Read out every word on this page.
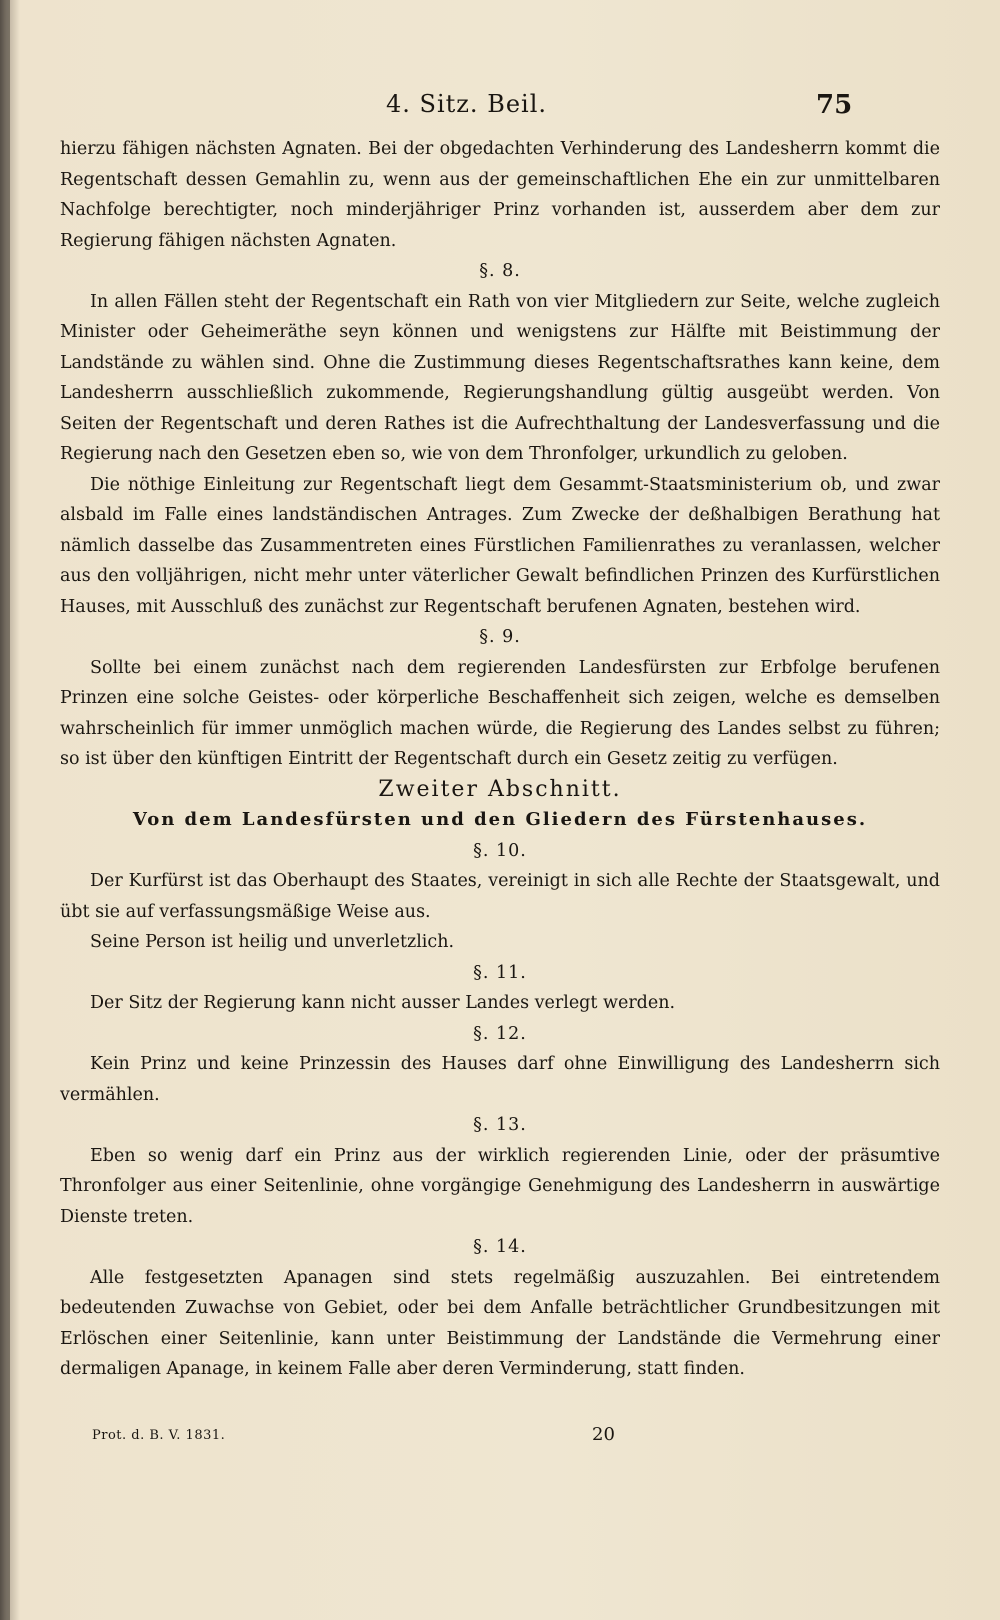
4. Sitz. Beil.	75

hierzu fähigen nächsten Agnaten. Bei der obgedachten Verhinderung des Landesherrn kommt die Regentschaft dessen Gemahlin zu, wenn aus der gemeinschaftlichen Ehe ein zur unmittelbaren Nachfolge berechtigter, noch minderjähriger Prinz vorhanden ist, ausserdem aber dem zur Regierung fähigen nächsten Agnaten.

§. 8.

In allen Fällen steht der Regentschaft ein Rath von vier Mitgliedern zur Seite, welche zugleich Minister oder Geheimeräthe seyn können und wenigstens zur Hälfte mit Beistimmung der Landstände zu wählen sind. Ohne die Zustimmung dieses Regentschaftsrathes kann keine, dem Landesherrn ausschließlich zukommende, Regierungshandlung gültig ausgeübt werden. Von Seiten der Regentschaft und deren Rathes ist die Aufrechthaltung der Landesverfassung und die Regierung nach den Gesetzen eben so, wie von dem Thronfolger, urkundlich zu geloben.

Die nöthige Einleitung zur Regentschaft liegt dem Gesammt-Staatsministerium ob, und zwar alsbald im Falle eines landständischen Antrages. Zum Zwecke der deßhalbigen Berathung hat nämlich dasselbe das Zusammentreten eines Fürstlichen Familienrathes zu veranlassen, welcher aus den volljährigen, nicht mehr unter väterlicher Gewalt befindlichen Prinzen des Kurfürstlichen Hauses, mit Ausschluß des zunächst zur Regentschaft berufenen Agnaten, bestehen wird.

§. 9.

Sollte bei einem zunächst nach dem regierenden Landesfürsten zur Erbfolge berufenen Prinzen eine solche Geistes- oder körperliche Beschaffenheit sich zeigen, welche es demselben wahrscheinlich für immer unmöglich machen würde, die Regierung des Landes selbst zu führen; so ist über den künftigen Eintritt der Regentschaft durch ein Gesetz zeitig zu verfügen.

Zweiter Abschnitt.

Von dem Landesfürsten und den Gliedern des Fürstenhauses.

§. 10.

Der Kurfürst ist das Oberhaupt des Staates, vereinigt in sich alle Rechte der Staatsgewalt, und übt sie auf verfassungsmäßige Weise aus.

Seine Person ist heilig und unverletzlich.

§. 11.

Der Sitz der Regierung kann nicht ausser Landes verlegt werden.

§. 12.

Kein Prinz und keine Prinzessin des Hauses darf ohne Einwilligung des Landesherrn sich vermählen.

§. 13.

Eben so wenig darf ein Prinz aus der wirklich regierenden Linie, oder der präsumtive Thronfolger aus einer Seitenlinie, ohne vorgängige Genehmigung des Landesherrn in auswärtige Dienste treten.

§. 14.

Alle festgesetzten Apanagen sind stets regelmäßig auszuzahlen. Bei eintretendem bedeutenden Zuwachse von Gebiet, oder bei dem Anfalle beträchtlicher Grundbesitzungen mit Erlöschen einer Seitenlinie, kann unter Beistimmung der Landstände die Vermehrung einer dermaligen Apanage, in keinem Falle aber deren Verminderung, statt finden.

Prot. d. B. V. 1831.	20
